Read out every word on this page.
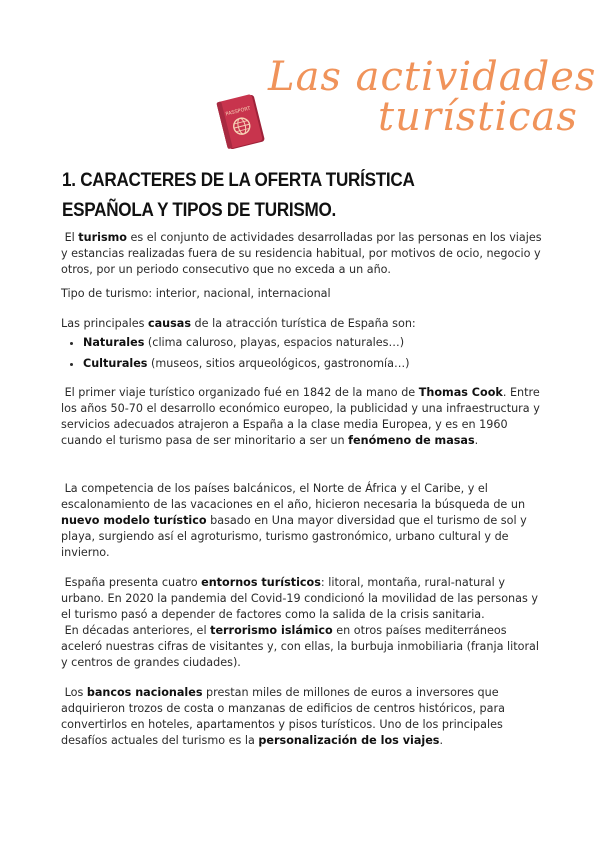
Las actividades
turísticas
PASSPORT
1. CARACTERES DE LA OFERTA TURÍSTICA ESPAÑOLA Y TIPOS DE TURISMO.

El turismo es el conjunto de actividades desarrolladas por las personas en los viajes y estancias realizadas fuera de su residencia habitual, por motivos de ocio, negocio y otros, por un periodo consecutivo que no exceda a un año.

Tipo de turismo: interior, nacional, internacional

Las principales causas de la atracción turística de España son:

• Naturales (clima caluroso, playas, espacios naturales…)
• Culturales (museos, sitios arqueológicos, gastronomía…)

El primer viaje turístico organizado fué en 1842 de la mano de Thomas Cook. Entre los años 50-70 el desarrollo económico europeo, la publicidad y una infraestructura y servicios adecuados atrajeron a España a la clase media Europea, y es en 1960 cuando el turismo pasa de ser minoritario a ser un fenómeno de masas.

La competencia de los países balcánicos, el Norte de África y el Caribe, y el escalonamiento de las vacaciones en el año, hicieron necesaria la búsqueda de un nuevo modelo turístico basado en Una mayor diversidad que el turismo de sol y playa, surgiendo así el agroturismo, turismo gastronómico, urbano cultural y de invierno.

España presenta cuatro entornos turísticos: litoral, montaña, rural-natural y urbano. En 2020 la pandemia del Covid-19 condicionó la movilidad de las personas y el turismo pasó a depender de factores como la salida de la crisis sanitaria.

En décadas anteriores, el terrorismo islámico en otros países mediterráneos aceleró nuestras cifras de visitantes y, con ellas, la burbuja inmobiliaria (franja litoral y centros de grandes ciudades).

Los bancos nacionales prestan miles de millones de euros a inversores que adquirieron trozos de costa o manzanas de edificios de centros históricos, para convertirlos en hoteles, apartamentos y pisos turísticos. Uno de los principales desafíos actuales del turismo es la personalización de los viajes.
